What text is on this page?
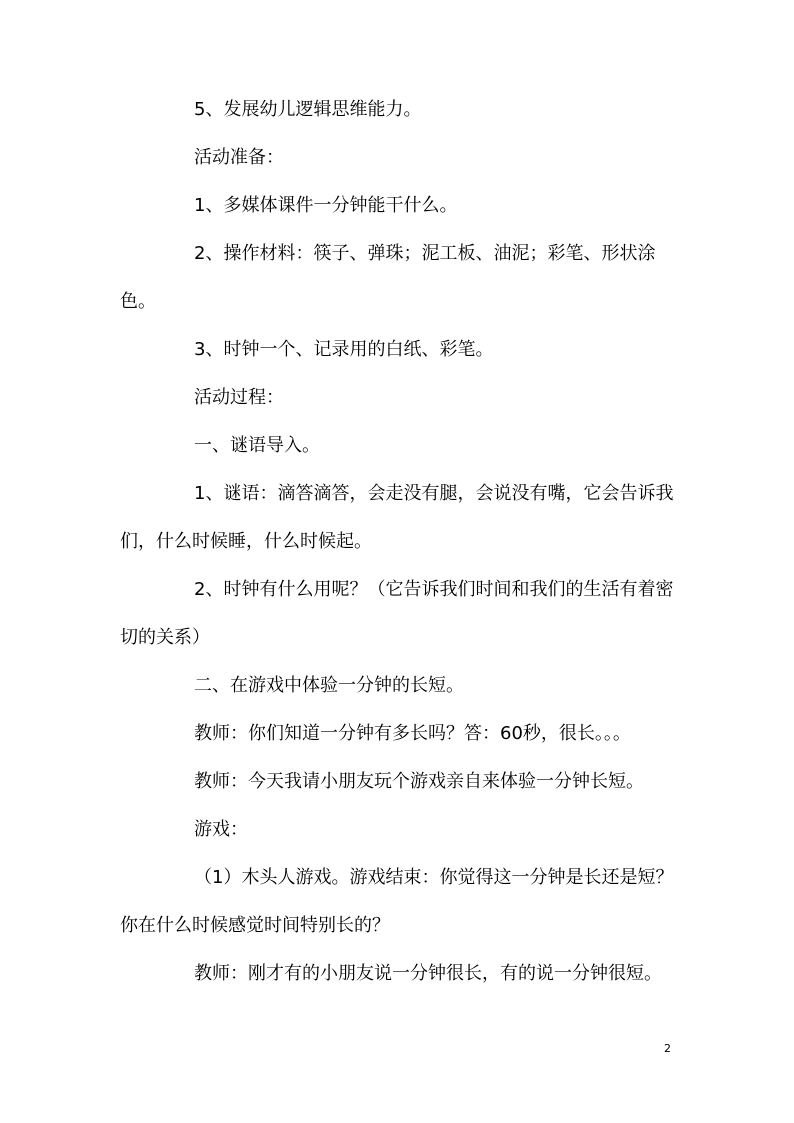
5、发展幼儿逻辑思维能力。

活动准备：

1、多媒体课件一分钟能干什么。

2、操作材料：筷子、弹珠；泥工板、油泥；彩笔、形状涂色。

3、时钟一个、记录用的白纸、彩笔。

活动过程：

一、谜语导入。

1、谜语：滴答滴答，会走没有腿，会说没有嘴，它会告诉我们，什么时候睡，什么时候起。

2、时钟有什么用呢？（它告诉我们时间和我们的生活有着密切的关系）

二、在游戏中体验一分钟的长短。

教师：你们知道一分钟有多长吗？答：60秒，很长。。。

教师：今天我请小朋友玩个游戏亲自来体验一分钟长短。

游戏：

（1）木头人游戏。游戏结束：你觉得这一分钟是长还是短？你在什么时候感觉时间特别长的？

教师：刚才有的小朋友说一分钟很长，有的说一分钟很短。

2
